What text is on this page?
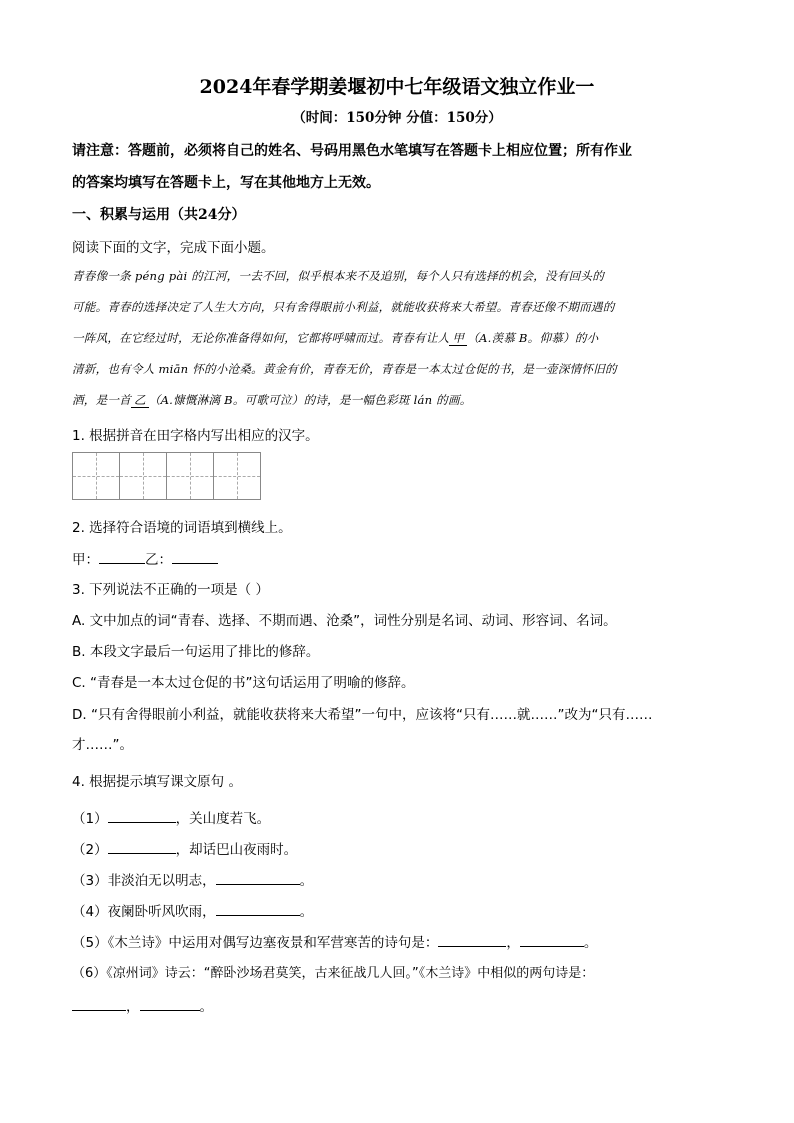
2024年春学期姜堰初中七年级语文独立作业一
（时间：150分钟 分值：150分）
请注意：答题前，必须将自己的姓名、号码用黑色水笔填写在答题卡上相应位置；所有作业
的答案均填写在答题卡上，写在其他地方上无效。
一、积累与运用（共24分）
阅读下面的文字，完成下面小题。
青春像一条 péng pài 的江河，一去不回，似乎根本来不及追别，每个人只有选择的机会，没有回头的
可能。青春的选择决定了人生大方向，只有舍得眼前小利益，就能收获将来大希望。青春还像不期而遇的
一阵风，在它经过时，无论你准备得如何，它都将呼啸而过。青春有让人 甲 （A.羡慕 B。仰慕）的小
清新，也有令人 miān 怀的小沧桑。黄金有价，青春无价，青春是一本太过仓促的书，是一壶深情怀旧的
酒，是一首 乙 （A.慷慨淋漓 B。可歌可泣）的诗，是一幅色彩斑 lán 的画。
1. 根据拼音在田字格内写出相应的汉字。
2. 选择符合语境的词语填到横线上。
甲：	乙：
3. 下列说法不正确的一项是（ ）
A. 文中加点的词“青春、选择、不期而遇、沧桑”，词性分别是名词、动词、形容词、名词。
B. 本段文字最后一句运用了排比的修辞。
C. “青春是一本太过仓促的书”这句话运用了明喻的修辞。
D. “只有舍得眼前小利益，就能收获将来大希望”一句中，应该将“只有……就……”改为“只有……
才……”。
4. 根据提示填写课文原句 。
（1）	，关山度若飞。
（2）	，却话巴山夜雨时。
（3）非淡泊无以明志，	。
（4）夜阑卧听风吹雨，	。
（5）《木兰诗》中运用对偶写边塞夜景和军营寒苦的诗句是：	，	。
（6）《凉州词》诗云：“醉卧沙场君莫笑，古来征战几人回。”《木兰诗》中相似的两句诗是：
，	。
